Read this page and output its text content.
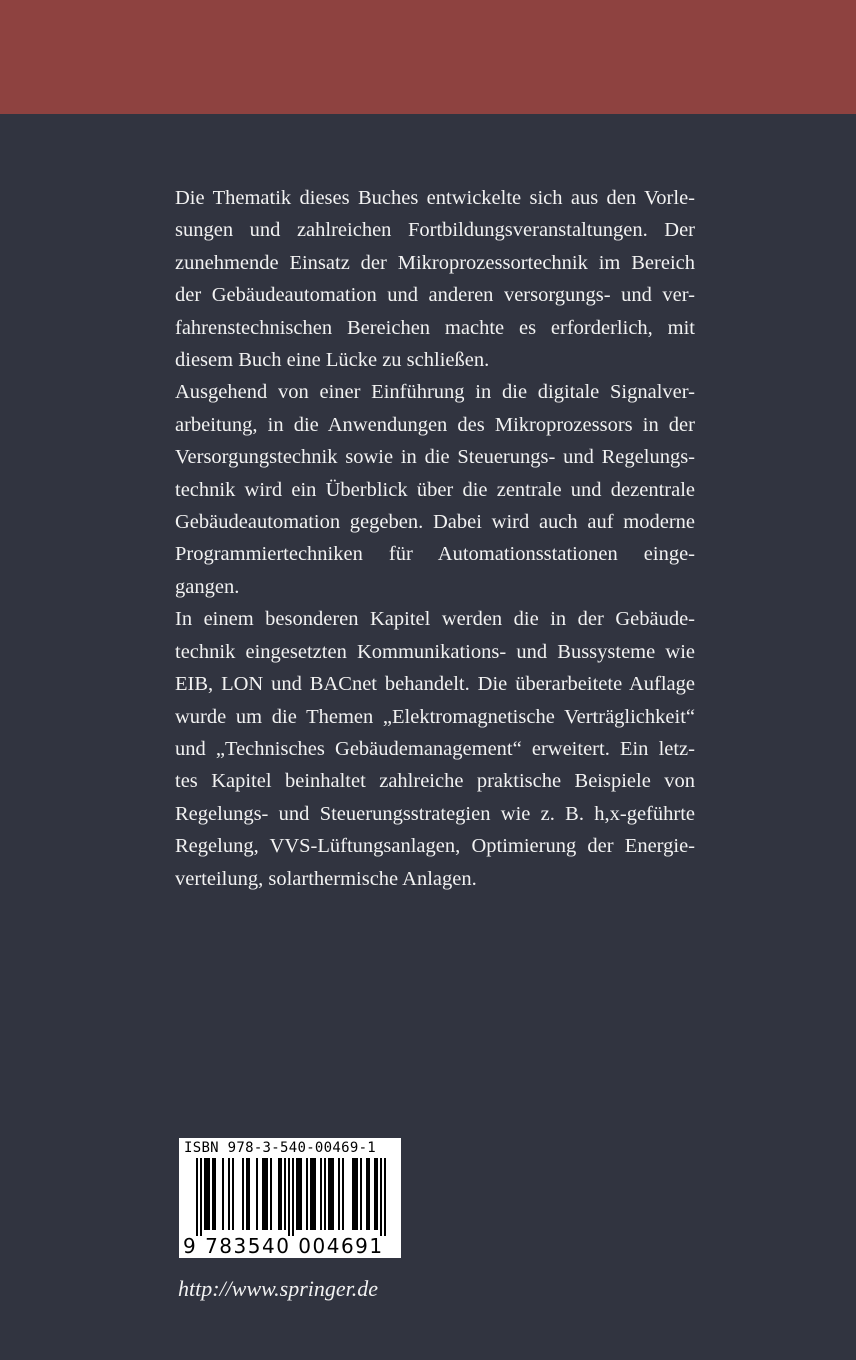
Die Thematik dieses Buches entwickelte sich aus den Vorle-
sungen und zahlreichen Fortbildungsveranstaltungen. Der
zunehmende Einsatz der Mikroprozessortechnik im Bereich
der Gebäudeautomation und anderen versorgungs- und ver-
fahrenstechnischen Bereichen machte es erforderlich, mit
diesem Buch eine Lücke zu schließen.
Ausgehend von einer Einführung in die digitale Signalver-
arbeitung, in die Anwendungen des Mikroprozessors in der
Versorgungstechnik sowie in die Steuerungs- und Regelungs-
technik wird ein Überblick über die zentrale und dezentrale
Gebäudeautomation gegeben. Dabei wird auch auf moderne
Programmiertechniken für Automationsstationen einge-
gangen.
In einem besonderen Kapitel werden die in der Gebäude-
technik eingesetzten Kommunikations- und Bussysteme wie
EIB, LON und BACnet behandelt. Die überarbeitete Auflage
wurde um die Themen „Elektromagnetische Verträglichkeit“
und „Technisches Gebäudemanagement“ erweitert. Ein letz-
tes Kapitel beinhaltet zahlreiche praktische Beispiele von
Regelungs- und Steuerungsstrategien wie z. B. h,x-geführte
Regelung, VVS-Lüftungsanlagen, Optimierung der Energie-
verteilung, solarthermische Anlagen.
ISBN 978-3-540-00469-1
9 783540 004691
http://www.springer.de
